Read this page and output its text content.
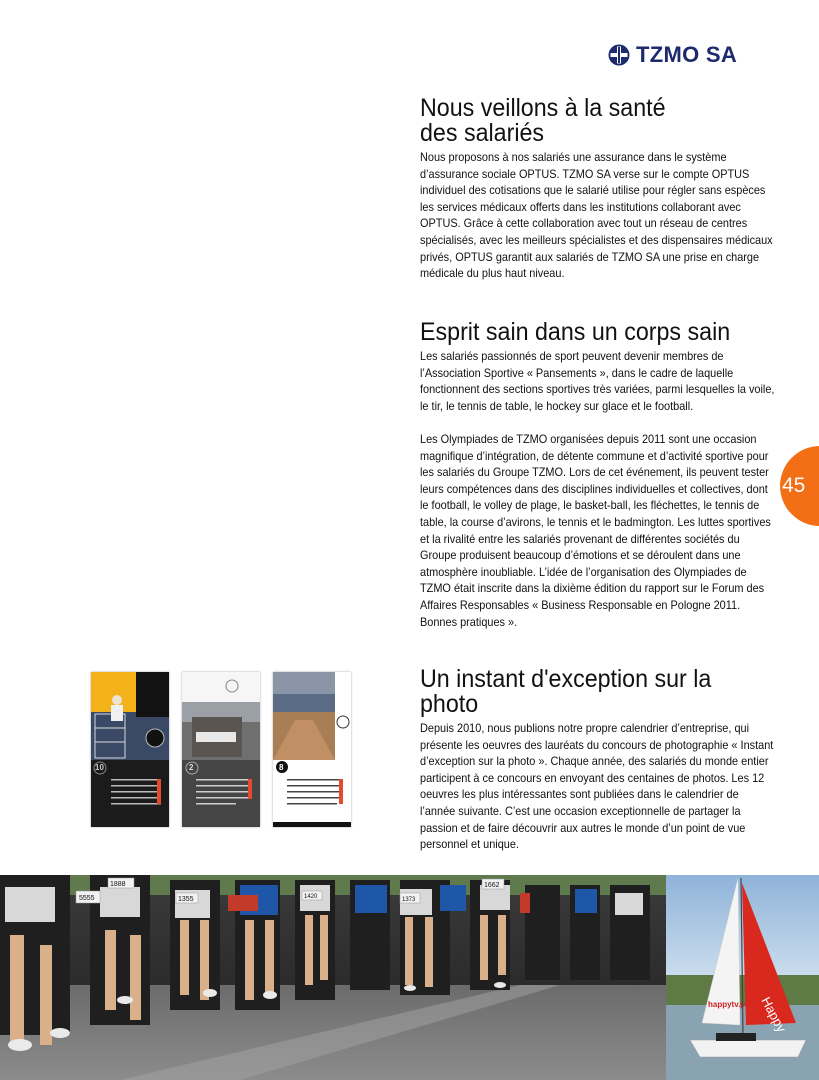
TZMO SA
Nous veillons à la santé
des salariés

Nous proposons à nos salariés une assurance dans le système d’assurance sociale OPTUS. TZMO SA verse sur le compte OPTUS individuel des cotisations que le salarié utilise pour régler sans espèces les services médicaux offerts dans les institutions collaborant avec OPTUS. Grâce à cette collaboration avec tout un réseau de centres spécialisés, avec les meilleurs spécialistes et des dispensaires médicaux privés, OPTUS garantit aux salariés de TZMO SA une prise en charge médicale du plus haut niveau.

Esprit sain dans un corps sain

Les salariés passionnés de sport peuvent devenir membres de l’Association Sportive « Pansements », dans le cadre de laquelle fonctionnent des sections sportives très variées, parmi lesquelles la voile, le tir, le tennis de table, le hockey sur glace et le football.

Les Olympiades de TZMO organisées depuis 2011 sont une occasion magnifique d’intégration, de détente commune et d’activité sportive pour les salariés du Groupe TZMO. Lors de cet événement, ils peuvent tester leurs compétences dans des disciplines individuelles et collectives, dont le football, le volley de plage, le basket-ball, les fléchettes, le tennis de table, la course d’avirons, le tennis et le badmington. Les luttes sportives et la rivalité entre les salariés provenant de différentes sociétés du Groupe produisent beaucoup d’émotions et se déroulent dans une atmosphère inoubliable. L’idée de l’organisation des Olympiades de TZMO était inscrite dans la dixième édition du rapport sur le Forum des Affaires Responsables « Business Responsable en Pologne 2011. Bonnes pratiques ».

Un instant d'exception sur la photo

Depuis 2010, nous publions notre propre calendrier d’entreprise, qui présente les oeuvres des lauréats du concours de photographie « Instant d’exception sur la photo ». Chaque année, des salariés du monde entier participent à ce concours en envoyant des centaines de photos. Les 12 oeuvres les plus intéressantes sont publiées dans le calendrier de l’année suivante. C’est une occasion exceptionnelle de partager la passion et de faire découvrir aux autres le monde d’un point de vue personnel et unique.

45
10	2	8
1888
5555	1355	1420	1373
1662
Happy
happytv.pl
